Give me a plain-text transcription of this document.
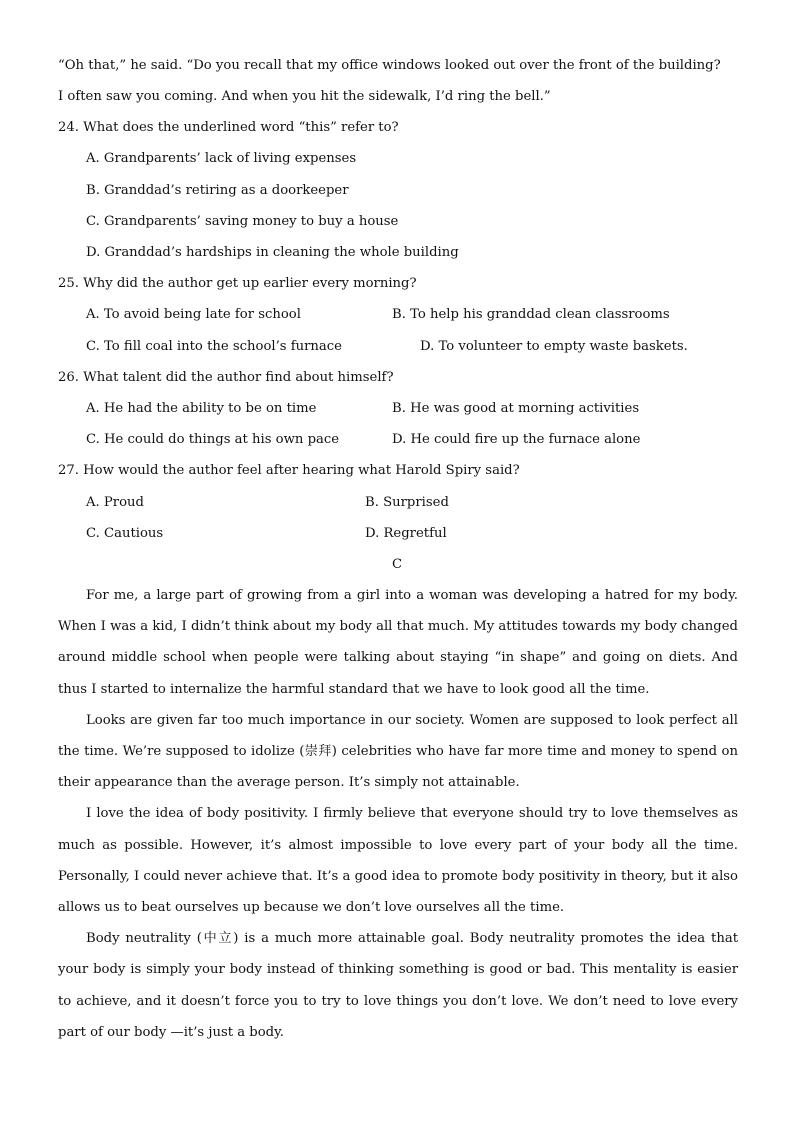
“Oh that,” he said. “Do you recall that my office windows looked out over the front of the building?
I often saw you coming. And when you hit the sidewalk, I’d ring the bell.”
24. What does the underlined word “this” refer to?
A. Grandparents’ lack of living expenses
B. Granddad’s retiring as a doorkeeper
C. Grandparents’ saving money to buy a house
D. Granddad’s hardships in cleaning the whole building
25. Why did the author get up earlier every morning?
A. To avoid being late for school	B. To help his granddad clean classrooms
C. To fill coal into the school’s furnace	D. To volunteer to empty waste baskets.
26. What talent did the author find about himself?
A. He had the ability to be on time	B. He was good at morning activities
C. He could do things at his own pace	D. He could fire up the furnace alone
27. How would the author feel after hearing what Harold Spiry said?
A. Proud	B. Surprised
C. Cautious	D. Regretful
C

For me, a large part of growing from a girl into a woman was developing a hatred for my body. When I was a kid, I didn’t think about my body all that much. My attitudes towards my body changed around middle school when people were talking about staying “in shape” and going on diets. And thus I started to internalize the harmful standard that we have to look good all the time.

Looks are given far too much importance in our society. Women are supposed to look perfect all the time. We’re supposed to idolize (崇拜) celebrities who have far more time and money to spend on their appearance than the average person. It’s simply not attainable.

I love the idea of body positivity. I firmly believe that everyone should try to love themselves as much as possible. However, it’s almost impossible to love every part of your body all the time. Personally, I could never achieve that. It’s a good idea to promote body positivity in theory, but it also allows us to beat ourselves up because we don’t love ourselves all the time.

Body neutrality (中立) is a much more attainable goal. Body neutrality promotes the idea that your body is simply your body instead of thinking something is good or bad. This mentality is easier to achieve, and it doesn’t force you to try to love things you don’t love. We don’t need to love every part of our body —it’s just a body.
